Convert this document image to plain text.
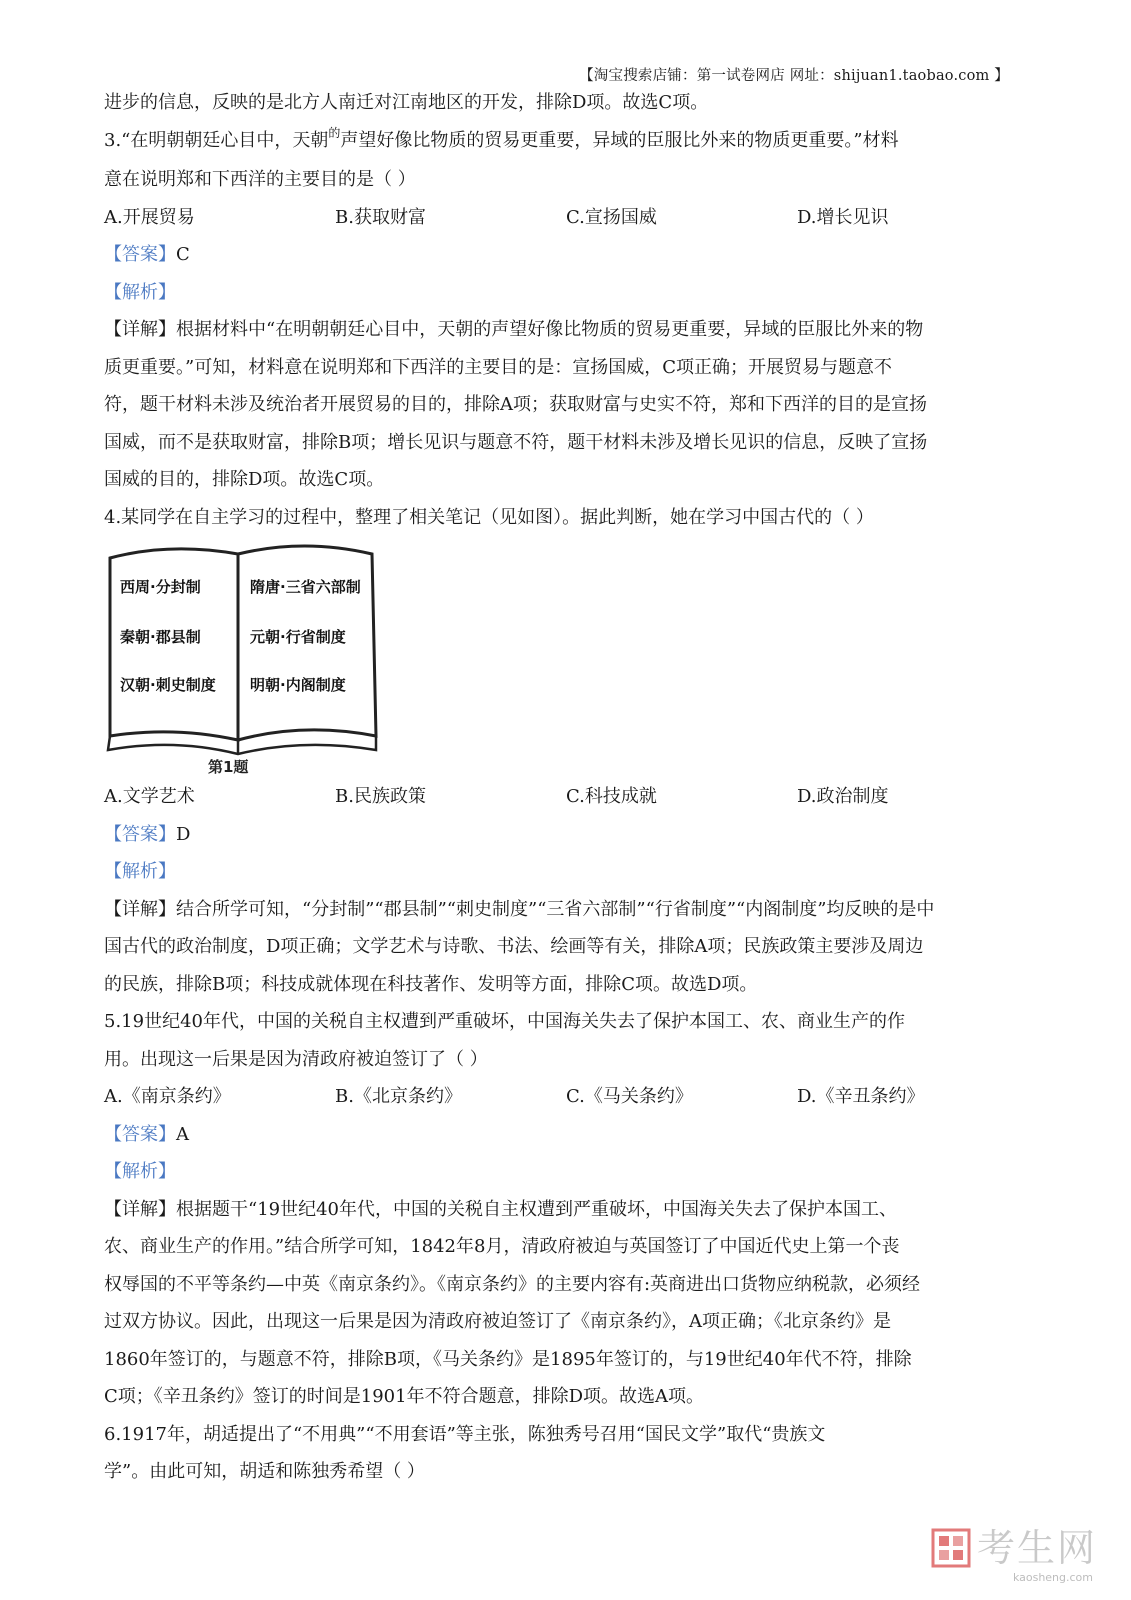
【淘宝搜索店铺：第一试卷网店 网址：shijuan1.taobao.com 】

进步的信息，反映的是北方人南迁对江南地区的开发，排除D项。故选C项。

3.“在明朝朝廷心目中，天朝$^的$声望好像比物质的贸易更重要，异域的臣服比外来的物质更重要。”材料

意在说明郑和下西洋的主要目的是（ ）

A.开展贸易	B.获取财富	C.宣扬国威	D.增长见识

【答案】C

【解析】

【详解】根据材料中“在明朝朝廷心目中，天朝的声望好像比物质的贸易更重要，异域的臣服比外来的物

质更重要。”可知，材料意在说明郑和下西洋的主要目的是：宣扬国威，C项正确；开展贸易与题意不

符，题干材料未涉及统治者开展贸易的目的，排除A项；获取财富与史实不符，郑和下西洋的目的是宣扬

国威，而不是获取财富，排除B项；增长见识与题意不符，题干材料未涉及增长见识的信息，反映了宣扬

国威的目的，排除D项。故选C项。

4.某同学在自主学习的过程中，整理了相关笔记（见如图）。据此判断，她在学习中国古代的（ ）

西周·分封制
秦朝·郡县制
汉朝·刺史制度
隋唐·三省六部制
元朝·行省制度
明朝·内阁制度
第1题
A.文学艺术	B.民族政策	C.科技成就	D.政治制度

【答案】D

【解析】

【详解】结合所学可知，“分封制”“郡县制”“刺史制度”“三省六部制”“行省制度”“内阁制度”均反映的是中

国古代的政治制度，D项正确；文学艺术与诗歌、书法、绘画等有关，排除A项；民族政策主要涉及周边

的民族，排除B项；科技成就体现在科技著作、发明等方面，排除C项。故选D项。

5.19世纪40年代，中国的关税自主权遭到严重破坏，中国海关失去了保护本国工、农、商业生产的作

用。出现这一后果是因为清政府被迫签订了（ ）

A.《南京条约》	B.《北京条约》	C.《马关条约》	D.《辛丑条约》

【答案】A

【解析】

【详解】根据题干“19世纪40年代，中国的关税自主权遭到严重破坏，中国海关失去了保护本国工、

农、商业生产的作用。”结合所学可知，1842年8月，清政府被迫与英国签订了中国近代史上第一个丧

权辱国的不平等条约—中英《南京条约》。《南京条约》的主要内容有:英商进出口货物应纳税款，必须经

过双方协议。因此，出现这一后果是因为清政府被迫签订了《南京条约》，A项正确；《北京条约》是

1860年签订的，与题意不符，排除B项，《马关条约》是1895年签订的，与19世纪40年代不符，排除

C项；《辛丑条约》签订的时间是1901年不符合题意，排除D项。故选A项。

6.1917年，胡适提出了“不用典”“不用套语”等主张，陈独秀号召用“国民文学”取代“贵族文

学”。由此可知，胡适和陈独秀希望（ ）

考生网
kaosheng.com
